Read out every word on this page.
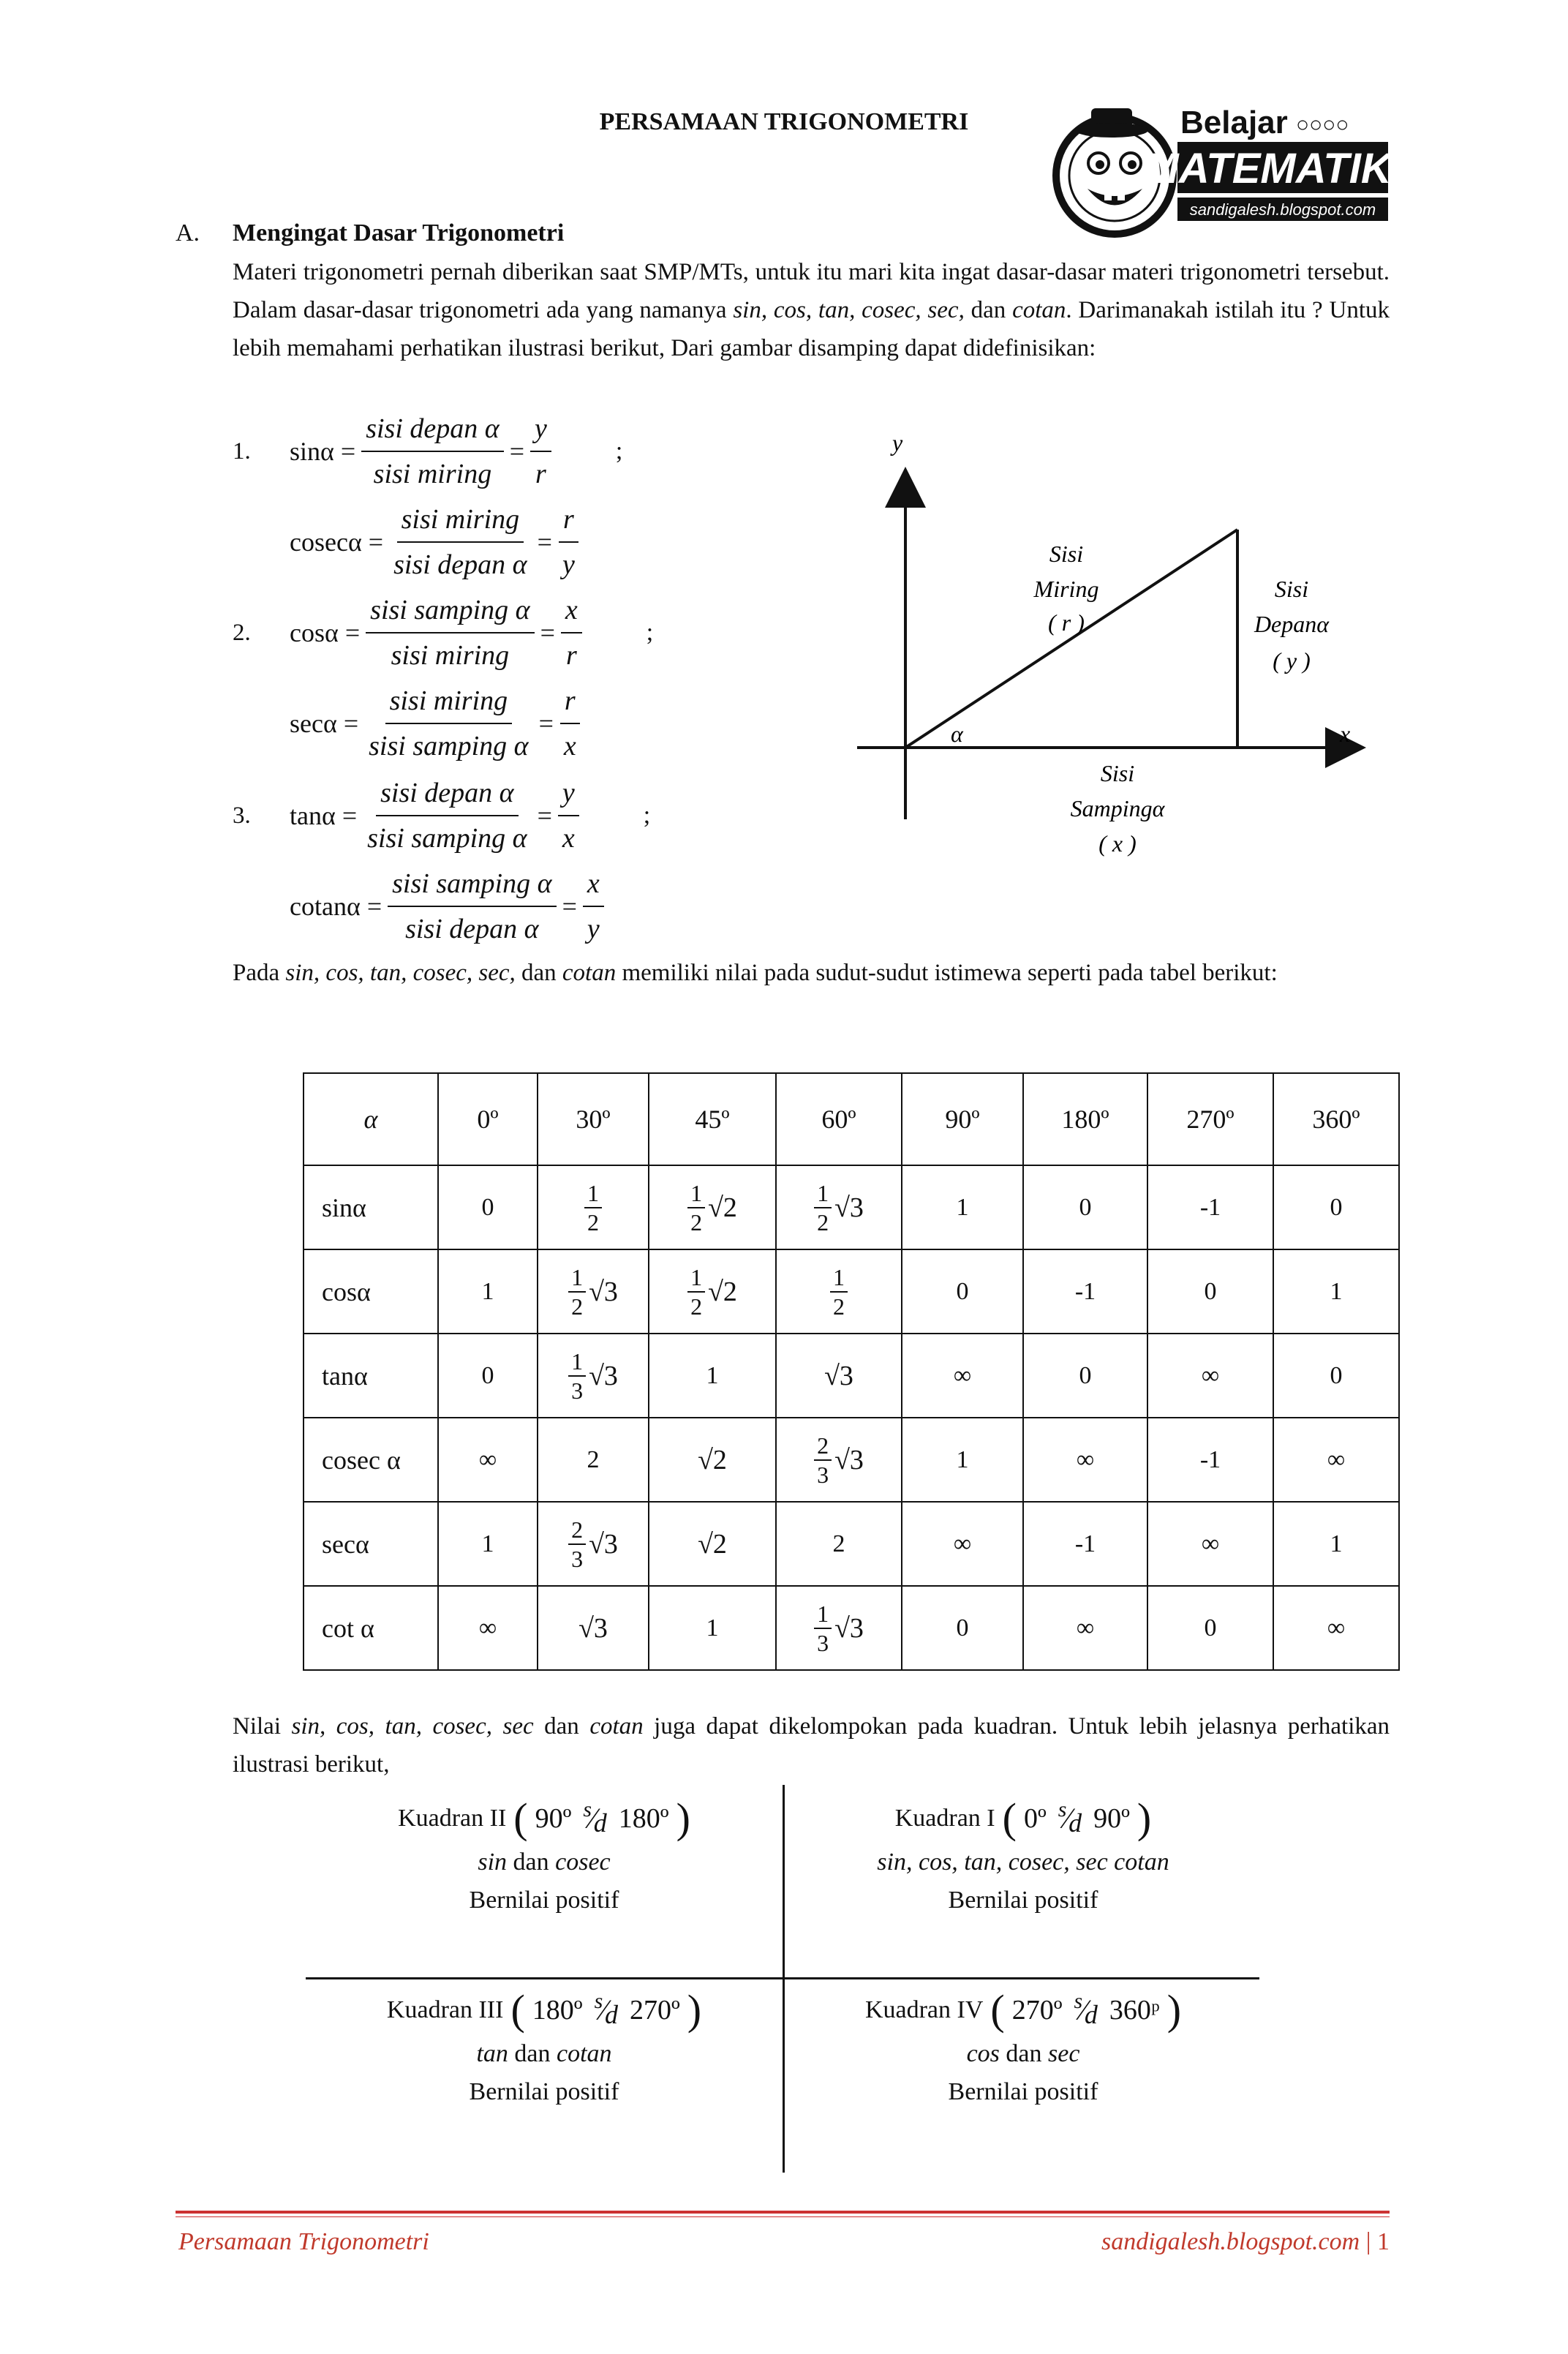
PERSAMAAN TRIGONOMETRI	Belajar ○○○○
MATEMATIKA
sandigalesh.blogspot.com
A. Mengingat Dasar Trigonometri
Materi trigonometri pernah diberikan saat SMP/MTs, untuk itu mari kita ingat dasar-dasar materi trigonometri tersebut. Dalam dasar-dasar trigonometri ada yang namanya sin, cos, tan, cosec, sec, dan cotan. Darimanakah istilah itu ? Untuk lebih memahami perhatikan ilustrasi berikut, Dari gambar disamping dapat didefinisikan:
1.	$\sin\alpha = \frac{\text{sisi depan α}}{\text{sisi miring}} = \frac{y}{r}$	;
$cosec\alpha = \frac{\text{sisi miring}}{\text{sisi depan α}} = \frac{r}{y}$
2.	$\cos\alpha = \frac{\text{sisi samping α}}{\text{sisi miring}} = \frac{x}{r}$	;
$\sec\alpha = \frac{\text{sisi miring}}{\text{sisi samping α}} = \frac{r}{x}$
3.	$\tan\alpha = \frac{\text{sisi depan α}}{\text{sisi samping α}} = \frac{y}{x}$	;
$cotan\alpha = \frac{\text{sisi samping α}}{\text{sisi depan α}} = \frac{x}{y}$
y
x
α
Sisi
Miring
( r )
Sisi
Depanα
( y )
Sisi
Sampingα
( x )
Pada sin, cos, tan, cosec, sec, dan cotan memiliki nilai pada sudut-sudut istimewa seperti pada tabel berikut:
α	0º	30º	45º	60º	90º	180º	270º	360º
sinα	0	$\frac{1}{2}$	$\frac{1}{2} √2$	$\frac{1}{2} √3$	1	0	-1	0
cosα	1	$\frac{1}{2} √3$	$\frac{1}{2} √2$	$\frac{1}{2}$	0	-1	0	1
tanα	0	$\frac{1}{3} √3$	1	√3	∞	0	∞	0
cosec α	∞	2	√2	$\frac{2}{3} √3$	1	∞	-1	∞
secα	1	$\frac{2}{3} √3$	√2	2	∞	-1	∞	1
cot α	∞	√3	1	$\frac{1}{3} √3$	0	∞	0	∞
Nilai sin, cos, tan, cosec, sec dan cotan juga dapat dikelompokan pada kuadran. Untuk lebih jelasnya perhatikan ilustrasi berikut,
Kuadran II ( 90º s
⁄
d 180º )
sin dan cosec
Bernilai positif
Kuadran I ( 0º s
⁄
d 90º )
sin, cos, tan, cosec, sec cotan
Bernilai positif
Kuadran III ( 180º s
⁄
d 270º )
tan dan cotan
Bernilai positif
Kuadran IV ( 270º s
⁄
d 360ᵖ )
cos dan sec
Bernilai positif
Persamaan Trigonometri	sandigalesh.blogspot.com | 1
